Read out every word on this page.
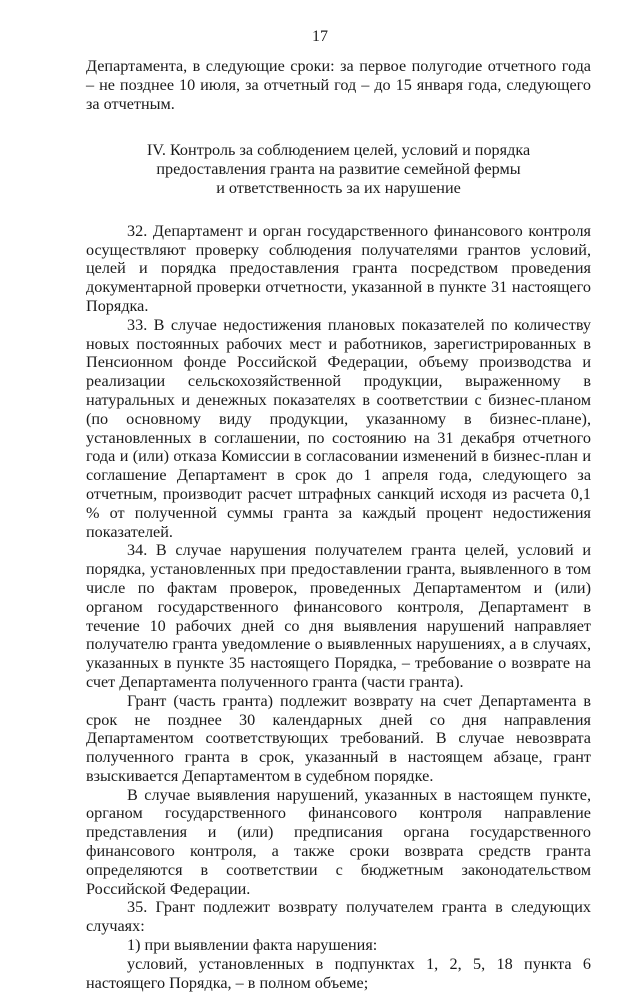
17

Департамента, в следующие сроки: за первое полугодие отчетного года – не позднее 10 июля, за отчетный год – до 15 января года, следующего за отчетным.

IV. Контроль за соблюдением целей, условий и порядка
предоставления гранта на развитие семейной фермы
и ответственность за их нарушение

32. Департамент и орган государственного финансового контроля осуществляют проверку соблюдения получателями грантов условий, целей и порядка предоставления гранта посредством проведения документарной проверки отчетности, указанной в пункте 31 настоящего Порядка.

33. В случае недостижения плановых показателей по количеству новых постоянных рабочих мест и работников, зарегистрированных в Пенсионном фонде Российской Федерации, объему производства и реализации сельскохозяйственной продукции, выраженному в натуральных и денежных показателях в соответствии с бизнес-планом (по основному виду продукции, указанному в бизнес-плане), установленных в соглашении, по состоянию на 31 декабря отчетного года и (или) отказа Комиссии в согласовании изменений в бизнес-план и соглашение Департамент в срок до 1 апреля года, следующего за отчетным, производит расчет штрафных санкций исходя из расчета 0,1 % от полученной суммы гранта за каждый процент недостижения показателей.

34. В случае нарушения получателем гранта целей, условий и порядка, установленных при предоставлении гранта, выявленного в том числе по фактам проверок, проведенных Департаментом и (или) органом государственного финансового контроля, Департамент в течение 10 рабочих дней со дня выявления нарушений направляет получателю гранта уведомление о выявленных нарушениях, а в случаях, указанных в пункте 35 настоящего Порядка, – требование о возврате на счет Департамента полученного гранта (части гранта).

Грант (часть гранта) подлежит возврату на счет Департамента в срок не позднее 30 календарных дней со дня направления Департаментом соответствующих требований. В случае невозврата полученного гранта в срок, указанный в настоящем абзаце, грант взыскивается Департаментом в судебном порядке.

В случае выявления нарушений, указанных в настоящем пункте, органом государственного финансового контроля направление представления и (или) предписания органа государственного финансового контроля, а также сроки возврата средств гранта определяются в соответствии с бюджетным законодательством Российской Федерации.

35. Грант подлежит возврату получателем гранта в следующих случаях:

1) при выявлении факта нарушения:

условий, установленных в подпунктах 1, 2, 5, 18 пункта 6 настоящего Порядка, – в полном объеме;
